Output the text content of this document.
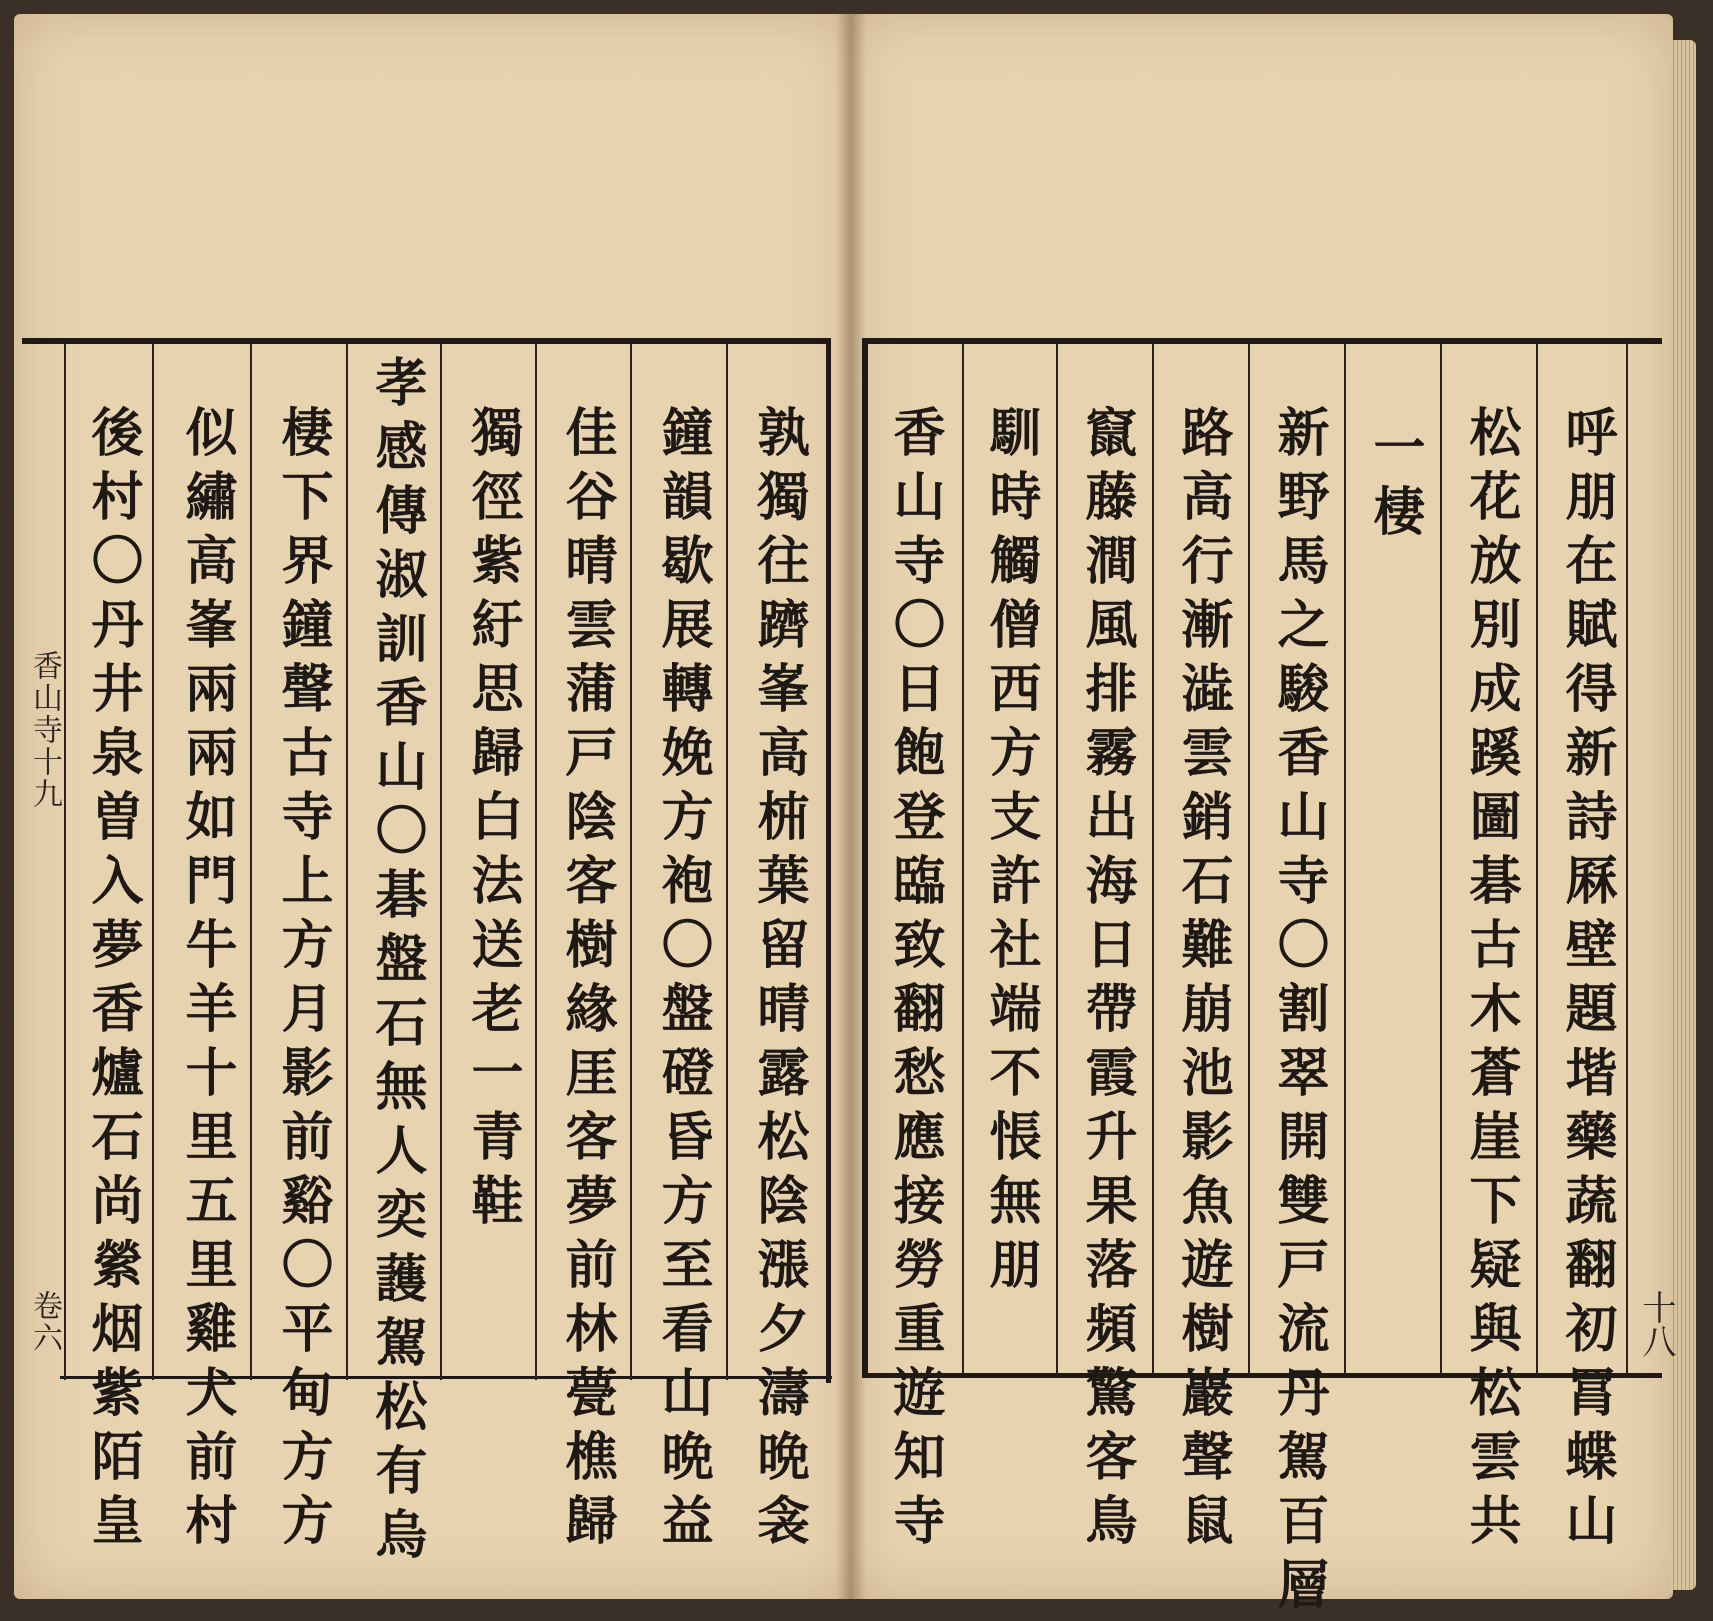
香山寺十九
卷六	孰獨往躋峯高枾葉留晴露松陰漲夕濤晩衾
鐘韻歇展轉娩方袍〇盤磴昏方至看山晩益
佳谷晴雲蒲戸陰客樹緣厓客夢前林甍樵歸
獨徑紫紆思歸白法送老一青鞋
孝感傳淑訓香山〇碁盤石無人奕䕶駕松有烏
棲下界鐘聲古寺上方月影前谿〇平甸方方
似繡高峯兩兩如門牛羊十里五里雞犬前村
後村〇丹井泉曽入夢香爐石尚縈烟紫陌皇	十八
呼朋在賦得新詩厤壁題堦藥蔬翻初罥蝶山
松花放別成蹊圖碁古木蒼崖下疑與松雲共
一棲
新野馬之駿香山寺〇割翠開雙戸流丹駕百層
路高行漸澁雲銷石難崩池影魚遊樹巖聲鼠
竄藤澗風排霧出海日帶霞升果落頻驚客鳥
馴時觸僧西方支許社端不悵無朋
香山寺〇日飽登臨致翻愁應接勞重遊知寺
